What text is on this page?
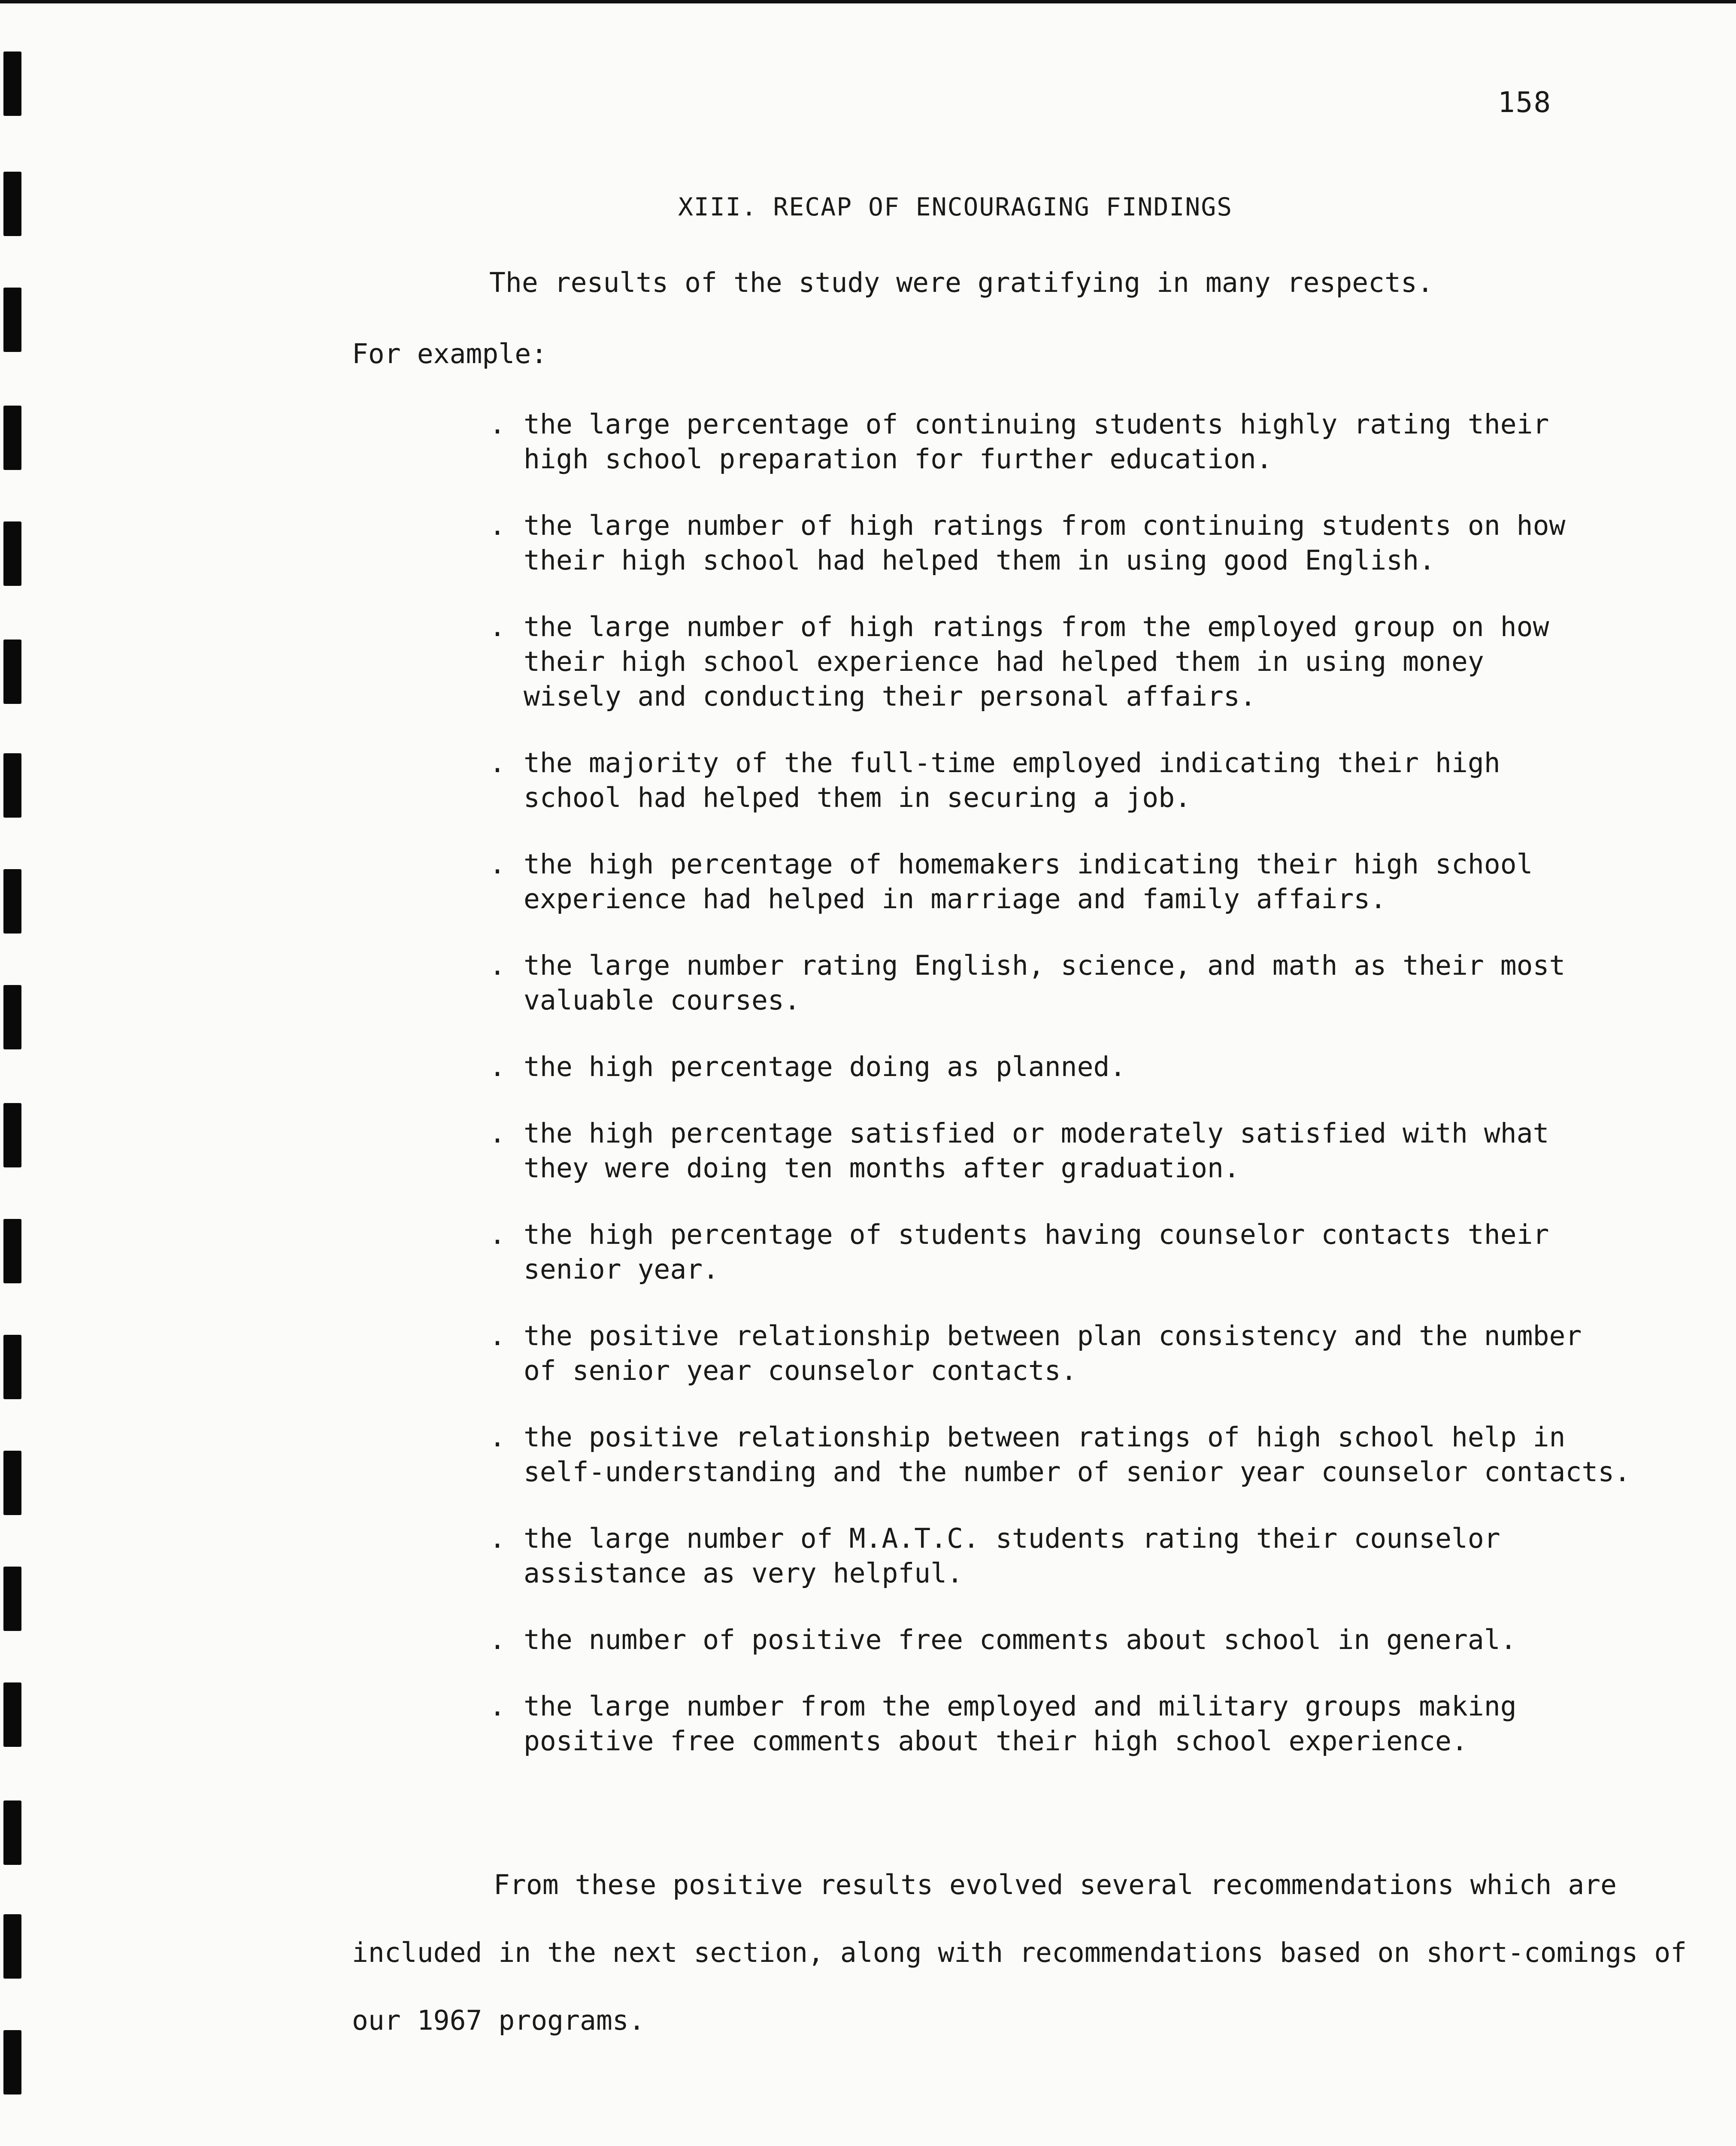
158
XIII. RECAP OF ENCOURAGING FINDINGS
The results of the study were gratifying in many respects.
For example:
. the large percentage of continuing students highly rating their
high school preparation for further education.
. the large number of high ratings from continuing students on how
their high school had helped them in using good English.
. the large number of high ratings from the employed group on how
their high school experience had helped them in using money
wisely and conducting their personal affairs.
. the majority of the full-time employed indicating their high
school had helped them in securing a job.
. the high percentage of homemakers indicating their high school
experience had helped in marriage and family affairs.
. the large number rating English, science, and math as their most
valuable courses.
. the high percentage doing as planned.
. the high percentage satisfied or moderately satisfied with what
they were doing ten months after graduation.
. the high percentage of students having counselor contacts their
senior year.
. the positive relationship between plan consistency and the number
of senior year counselor contacts.
. the positive relationship between ratings of high school help in
self-understanding and the number of senior year counselor contacts.
. the large number of M.A.T.C. students rating their counselor
assistance as very helpful.
. the number of positive free comments about school in general.
. the large number from the employed and military groups making
positive free comments about their high school experience.

From these positive results evolved several recommendations which are included in the next section, along with recommendations based on short-comings of our 1967 programs.
